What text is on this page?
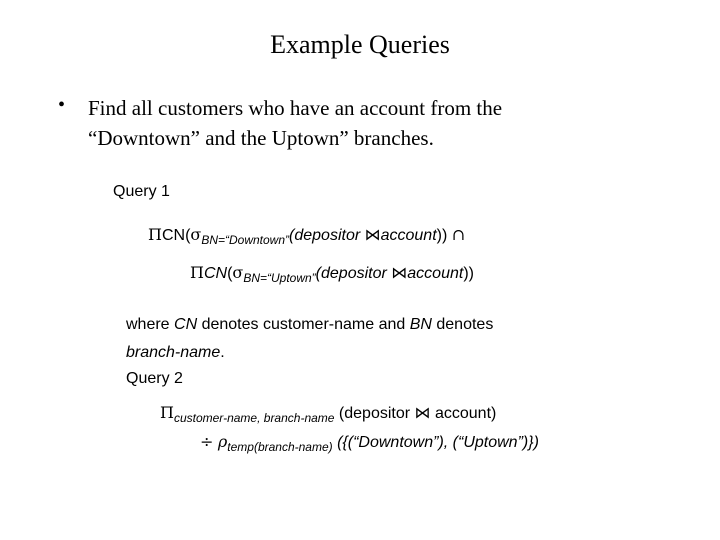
Example Queries
• Find all customers who have an account from the
“Downtown” and the Uptown” branches.
Query 1
$\Pi CN(\sigma_{BN=“Downtown”}(depositor$ ⋈account)) ∩
$\Pi CN(\sigma_{BN=“Uptown”}(depositor$ ⋈account))
where CN denotes customer-name and BN denotes
branch-name.
Query 2
$\Pi_{customer-name, branch-name}$ (depositor ⋈ account)
÷ $\rho_{temp(branch-name)}$ ({(“Downtown”), (“Uptown”)})
